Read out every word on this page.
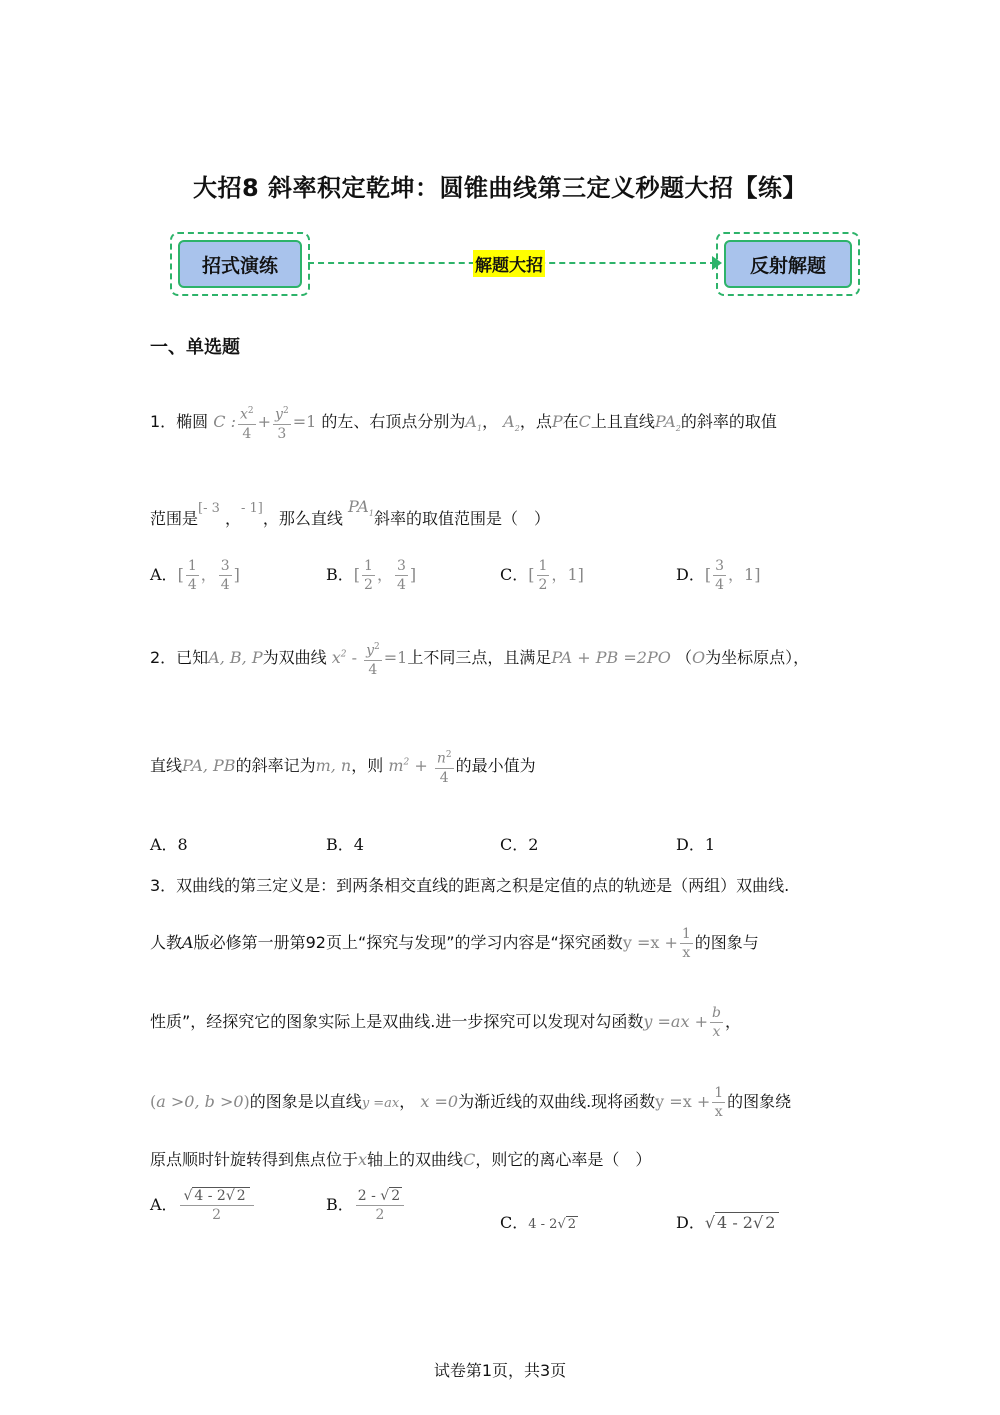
大招8 斜率积定乾坤：圆锥曲线第三定义秒题大招【练】
招式演练	解题大招	反射解题
一、单选题
1．椭圆 C : $\frac{x^2}{4} + \frac{y^2}{3} =1$ 的左、右顶点分别为$A_1$， $A_2$，点P在C上且直线$PA_2$的斜率的取值
范围是$^{[- 3}$ ，$^{- 1]}$，那么直线 $PA_1$斜率的取值范围是（　）
A．[ $\frac{1}{4}$ ， $\frac{3}{4}$ ]	B．[ $\frac{1}{2}$ ， $\frac{3}{4}$ ]	C．[ $\frac{1}{2}$ ，1]	D．[ $\frac{3}{4}$ ，1]
2．已知A, B, P为双曲线 $x^2 - \frac{y^2}{4} =1$上不同三点，且满足PA + PB =2PO （O为坐标原点），
直线PA, PB的斜率记为m, n，则 $m^2 + \frac{n^2}{4}$ 的最小值为
A．8	B．4	C．2	D．1
3．双曲线的第三定义是：到两条相交直线的距离之积是定值的点的轨迹是（两组）双曲线.
人教A版必修第一册第92页上“探究与发现”的学习内容是“探究函数$y =x + \frac{1}{x}$ 的图象与
性质”，经探究它的图象实际上是双曲线.进一步探究可以发现对勾函数$y =ax + \frac{b}{x}$ ，
(a >0, b >0)的图象是以直线y =ax， x =0为渐近线的双曲线.现将函数$y =x + \frac{1}{x}$ 的图象绕
原点顺时针旋转得到焦点位于x轴上的双曲线C，则它的离心率是（　）
A． $\frac{√ 4 - 2√ 2}{2}$	B． $\frac{2 - √ 2}{2}$	C．4 - 2√ 2	D．√ 4 - 2√ 2
试卷第1页，共3页
